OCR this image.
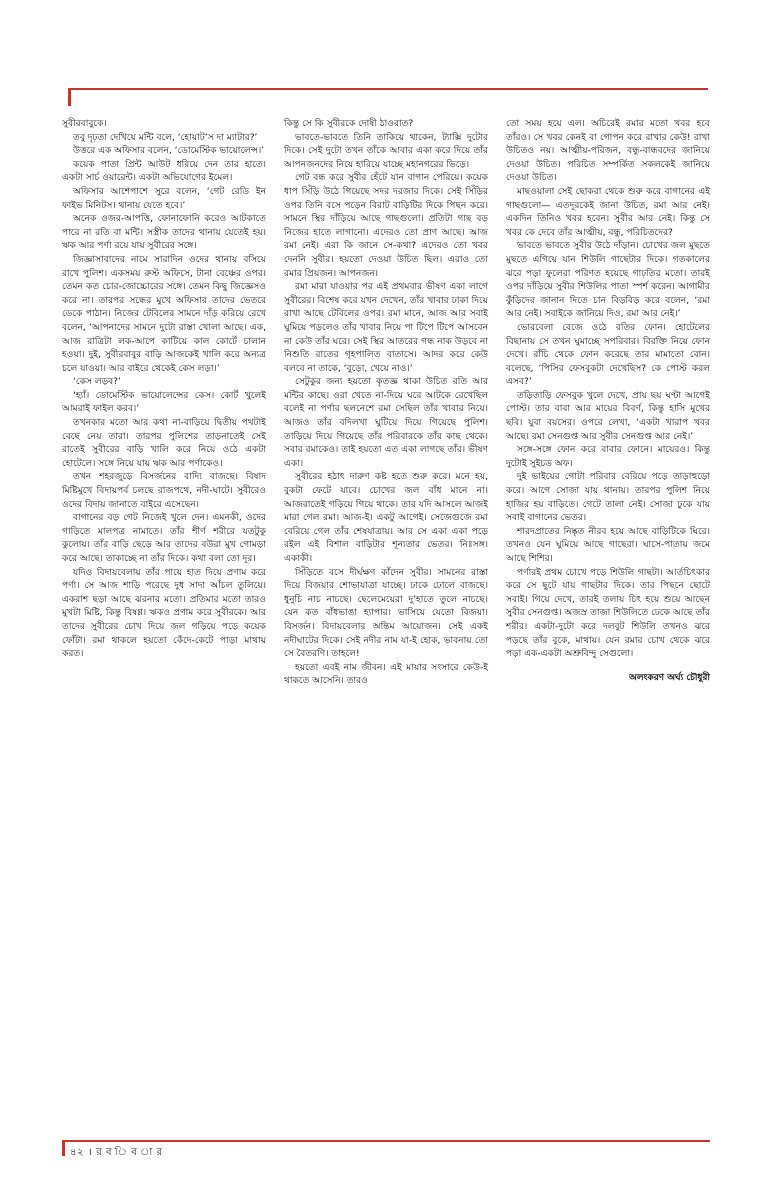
সুবীরবাবুকে।

তবু দৃঢ়তা দেখিয়ে মন্টি বলে, ‘হোয়াট’স দা ম্যাটার?’

উত্তরে এক অফিসার বলেন, ‘ডোমেস্টিক ভায়োলেন্স।’

কয়েক পাতা প্রিন্ট আউট ধরিয়ে দেন তার হাতে। একটা সার্চ ওয়ারেন্ট। একটা অভিযোগের ইমেল।

অফিসার আশেপাশে সুরে বলেন, ‘গেট রেডি ইন ফাইভ মিনিটস। থানায় যেতে হবে।’

অনেক ওজর-আপত্তি, ফোনাফোনি করেও আটকাতে পারে না রতি বা মন্টি। সস্ত্রীক তাদের থানায় যেতেই হয়। ঋক আর পর্ণা রয়ে যায় সুবীরের সঙ্গে।

জিজ্ঞাসাবাদের নামে সারাদিন ওদের থানায় বসিয়ে রাখে পুলিশ। একসময় রুস্ট অফিসে, টানা বেঞ্চের ওপর। তেমন কত চোর-জোচ্চোরের সঙ্গে। তেমন কিছু জিজ্ঞেসও করে না। তারপর সন্ধের মুখে অফিসার তাদের ভেতরে ডেকে পাঠান। নিজের টেবিলের সামনে দাঁড় করিয়ে রেখে বলেন, ‘আপনাদের সামনে দুটো রাস্তা খোলা আছে। এক, আজ রাত্রিটা লক-আপে কাটিয়ে কাল কোর্টে চালান হওয়া। দুই, সুবীরবাবুর বাড়ি আজকেই খালি করে অন্যত্র চলে যাওয়া। আর বাইরে থেকেই কেস লড়া।’

‘কেস লড়ব?’

‘হ্যাঁ। ডোমেস্টিক ভায়োলেন্সের কেস। কোর্ট খুলেই আমরাই ফাইল করব।’

তখনকার মতো আর কথা না-বাড়িয়ে দ্বিতীয় পথটাই বেছে নেয় তারা। তারপর পুলিশের তাড়নাতেই সেই রাতেই সুবীরের বাড়ি খালি করে নিয়ে ওঠে একটা হোটেলে। সঙ্গে নিয়ে যায় ঋক আর পর্ণাকেও।

তখন শহরজুড়ে বিসর্জনের বাদ্যি বাজছে। বিষাদ মিষ্টিমুখে বিদায়পর্ব চলছে রাজপথে, নদী-ঘাটে। সুবীরেও ওদের বিদায় জানাতে বাইরে এসেছেন।

বাগানের বড় গেট নিজেই খুলে দেন। এমনকী, ওদের গাড়িতে মালপত্র নামাতে। তাঁর শীর্ণ শরীরে যতটুকু কুলোয়। তাঁর বাড়ি ছেড়ে আর তাদের বউরা মুখ গোমড়া করে আছে। তাকাচ্ছে না তাঁর দিকে। কথা বলা তো দূর।

যদিও বিদায়বেলায় তাঁর পায়ে হাত দিয়ে প্রণাম করে পর্ণা। সে আজ শাড়ি পরেছে দুধ সাদা আঁচল তুলিয়ে। একরাশ ছড়া আছে ঝরনার মতো। প্রতিমার মতো তারও মুখটা মিষ্টি, কিন্তু বিষণ্ণ। ঋকও প্রণাম করে সুবীরকে। আর তাদের সুবীরের চোখ দিয়ে জল গড়িয়ে পড়ে কয়েক ফোঁটা। রমা থাকলে হয়তো কেঁদে-কেটে পাড়া মাথায় করত।

কিন্তু সে কি সুবীরকে দোষী ঠাওরাত?

ভাবতে-ভাবতে তিনি তাকিয়ে থাকেন, ট্যাক্সি দুটোর দিকে। সেই দুটো তখন তাঁকে আবার একা করে দিয়ে তাঁর আপনজনদের নিয়ে হারিয়ে যাচ্ছে মহানগরের ভিড়ে।

গেট বন্ধ করে সুবীর হেঁটে যান বাগান পেরিয়ে। কয়েক ধাপ সিঁড়ি উঠে গিয়েছে সদর দরজার দিকে। সেই সিঁড়ির ওপর তিনি বসে পড়েন বিরাট বাড়িটির দিকে পিছন করে। সামনে স্থির দাঁড়িয়ে আছে গাছগুলো। প্রতিটা গাছ বড় নিজের হাতে লাগানো। এদেরও তো প্রাণ আছে। আজ রমা নেই। এরা কি জানে সে-কথা? এদেরও তো খবর দেননি সুবীর। হয়তো দেওয়া উচিত ছিল। এরাও তো রমার প্রিয়জন। আপনজন।

রমা মারা যাওয়ার পর এই প্রথমবার ভীষণ একা লাগে সুবীরের। বিশেষ করে যখন দেখেন, তাঁর খাবার ঢাকা দিয়ে রাখা আছে টেবিলের ওপর। রমা মানে, আজ আর সবাই ঘুমিয়ে পড়লেও তাঁর খাবার নিয়ে পা টিপে টিপে আসবেন না কেউ তাঁর ঘরে। সেই স্থির আতরের গন্ধ নাক উড়বে না নিশুতি রাতের গৃহপালিত বাতাসে। আদর করে কেউ বলবে না তাকে, ‘বুড়ো, খেয়ে নাও।’

সেটুকুর জন্য হয়তো কৃতজ্ঞ থাকা উচিত রতি আর মন্টির কাছে। ওরা খেতে না-দিয়ে ঘরে আটকে রেখেছিল বলেই না পর্ণার ছলনেশে রমা সেছিল তাঁর খাবার নিয়ে। আজও তাঁর বদিলখা ঘুটিয়ে দিয়ে গিয়েছে পুলিশ। তাড়িয়ে দিয়ে গিয়েছে তাঁর পরিবারকে তাঁর কাছ থেকে। সবার রমাকেও। তাই হয়তো এত একা লাগছে তাঁর। ভীষণ একা।

সুবীরের হঠাৎ দারুণ কষ্ট হতে শুরু করে। মনে হয়, বুকটা ফেটে যাবে। চোখের জল বাঁধ মানে না। আজরাতেই গড়িয়ে গিয়ে থাকে। তার যদি আসলে আজই মারা গেল রমা। আজ-ই। একটু আগেই। সেজেগুজে রমা বেরিয়ে গেল তাঁর শেষযাত্রায়। আর সে একা একা পড়ে রইল এই বিশাল বাড়িটার শূন্যতার ভেতর। নিঃসঙ্গ। একাকী।

সিঁড়িতে বসে দীর্ঘক্ষণ কাঁদেন সুবীর। সামনের রাস্তা দিয়ে বিজয়ার শোভাযাত্রা যাচ্ছে। ঢাকে ঢোলে বাজছে। ধুনুচি নাচ নাচছে। ছেলেমেয়েরা দু’হাতে তুলে নাচছে। যেন কত বাঁধভাঙা হ্যাপার। ভাসিয়ে যেতো বিজয়া। বিসর্জন। বিদায়বেলার অন্তিম আয়োজন। সেই একই নদীঘাটের দিকে। সেই নদীর নাম যা-ই হোক, ভাবনায় তো সে বৈতরণি। তাহলে!

হয়তো এবই নাম জীবন। এই মায়ার সংসারে কেউ-ই থাকতে আসেনি। তারও

তো সময় হয়ে এল। অচিরেই রমার মতো খবর হবে তাঁরও। সে খবর কেনই বা গোপন করে রাখার কেউ! রাখা উচিতও নয়। আত্মীয়-পরিজন, বন্ধু-বান্ধবদের জানিয়ে দেওয়া উচিত। পরিচিত সম্পর্কিত সকলকেই জানিয়ে দেওয়া উচিত।

মাছওয়ালা সেই ছোকরা থেকে শুরু করে বাগানের এই গাছগুলো— এতদূরকেই জানা উচিত, রমা আর নেই। একদিন তিনিও খবর হবেন। সুবীর আর নেই। কিন্তু সে খবর কে দেবে তাঁর আত্মীয়, বন্ধু, পরিচিতদের?

ভাবতে ভাবতে সুবীর উঠে দাঁড়ান। চোখের জল মুছতে মুছতে এগিয়ে যান শিউলি গাছেটার দিকে। গতকালের ঝরে পড়া ফুলেরা পরিণত হয়েছে গাঢ়তির মতো। তারই ওপর দাঁড়িয়ে সুবীর শিউলির পাতা স্পর্শ করেন। আগামীর কুঁড়িদের জানান দিতে চান বিড়বিড় করে বলেন, ‘রমা আর নেই। সবাইকে জানিয়ে দিও, রমা আর নেই।’

ভোরবেলা বেজে ওঠে রতির ফোন। হোটেলের বিছানায় সে তখন ঘুমাচ্ছে সপরিবার। বিরক্তি নিয়ে ফোন দেখে। রাঁচি থেকে ফোন করেছে তার মামাতো বোন। বলেছে, ‘পিসির ফেসবুকটা দেখেছিস? কে পোস্ট করল এসব?’

তড়িতাড়ি ফেসবুক খুলে দেখে, প্রায় ছয় ঘণ্টা আগেই পোস্ট। তার বাবা আর মায়ের বিবর্ণ, কিন্তু হাসি মুখের ছবি। যুবা বয়সের। ওপরে লেখা, ‘একটা খারাপ খবর আছে। রমা সেনগুপ্ত আর সুবীর সেনগুপ্ত আর নেই।’

সঙ্গে-সঙ্গে ফোন করে বাবার ফোনে। মায়েরও। কিন্তু দুটোই সুইচড অফ।

দুই ভাইয়ের গোটা পরিবার বেরিয়ে পড়ে তাড়াহুড়ো করে। আগে সোজা যায় থানায়। তারপর পুলিশ নিয়ে হাজির হয় বাড়িতে। গেটে তালা নেই। সোজা ঢুকে যায় সবাই বাগানের ভেতর।

শারদপ্রাতের নিষ্কৃত নীরব হয়ে আছে বাড়িটিকে ঘিরে। তখনও যেন ঘুমিয়ে আছে গাছেরা। ঘাসে-পাতায় জমে আছে শিশির।

পর্ণারই প্রথম চোখে পড়ে শিউলি গাছটা। আর্তচিৎকার করে সে ছুটে যায় গাছটার দিকে। তার পিছনে ছোটে সবাই। গিয়ে দেখে, তারই তলায় চিৎ হয়ে শুয়ে আছেন সুবীর সেনগুপ্ত। অজস্র তাজা শিউলিতে ঢেকে আছে তাঁর শরীর। একটা-দুটো করে দলবুট শিউলি তখনও ঝরে পড়ছে তাঁর বুকে, মাথায়। যেন রমার চোখ থেকে ঝরে পড়া এক-একটা অশ্রুবিন্দু সেগুলো।

অলংকরণ অর্ঘ্য চৌধুরী
৪২ । র ব ি ব া র
